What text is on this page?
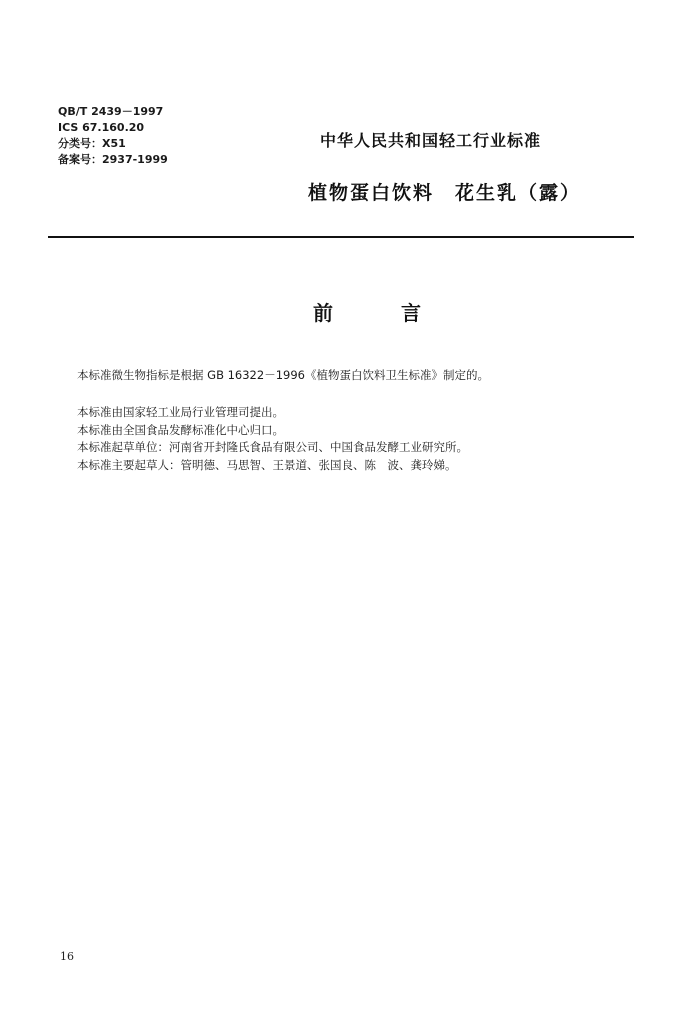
QB/T 2439－1997
ICS 67.160.20
分类号：X51
备案号：2937-1999
中华人民共和国轻工行业标准
植物蛋白饮料　花生乳（露）
前　言
本标准微生物指标是根据 GB 16322－1996《植物蛋白饮料卫生标准》制定的。
本标准由国家轻工业局行业管理司提出。
本标准由全国食品发酵标准化中心归口。
本标准起草单位：河南省开封隆氏食品有限公司、中国食品发酵工业研究所。
本标准主要起草人：管明德、马思智、王景道、张国良、陈　波、龚玲娣。
16
